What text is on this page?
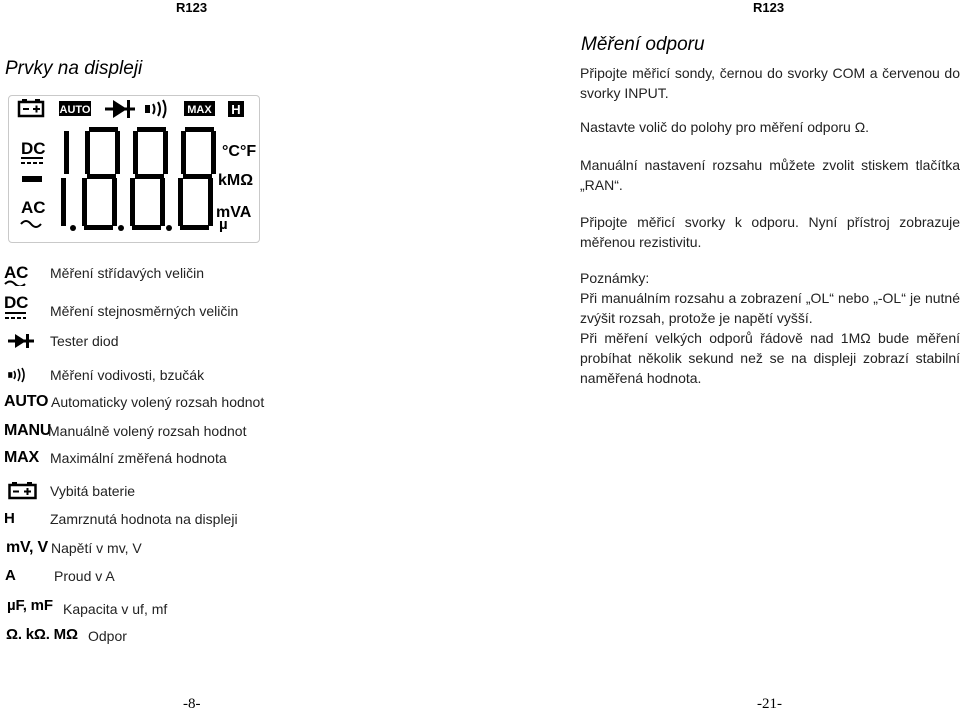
R123	R123
Prvky na displeji
AUTO	MAX H
DC
AC
°C°F
kMΩ
mVA
µ
AC Měření střídavých veličin
DC Měření stejnosměrných veličin
Tester diod
Měření vodivosti, bzučák
AUTO Automaticky volený rozsah hodnot
MANU
Manuálně volený rozsah hodnot
MAX Maximální změřená hodnota
Vybitá baterie
H	Zamrznutá hodnota na displeji
mV, V Napětí v mv, V
A	Proud v A
µF, mF Kapacita v uf, mf
Ω. kΩ. MΩ Odpor
-8-
Měření odporu
Připojte měřicí sondy, černou do svorky COM a červenou do svorky INPUT.
Nastavte volič do polohy pro měření odporu Ω.
Manuální nastavení rozsahu můžete zvolit stiskem tlačítka „RAN“.
Připojte měřicí svorky k odporu. Nyní přístroj zobrazuje měřenou rezistivitu.
Poznámky:
Při manuálním rozsahu a zobrazení „OL“ nebo „-OL“ je nutné zvýšit rozsah, protože je napětí vyšší.
Při měření velkých odporů řádově nad 1MΩ bude měření probíhat několik sekund než se na displeji zobrazí stabilní naměřená hodnota.
-21-
